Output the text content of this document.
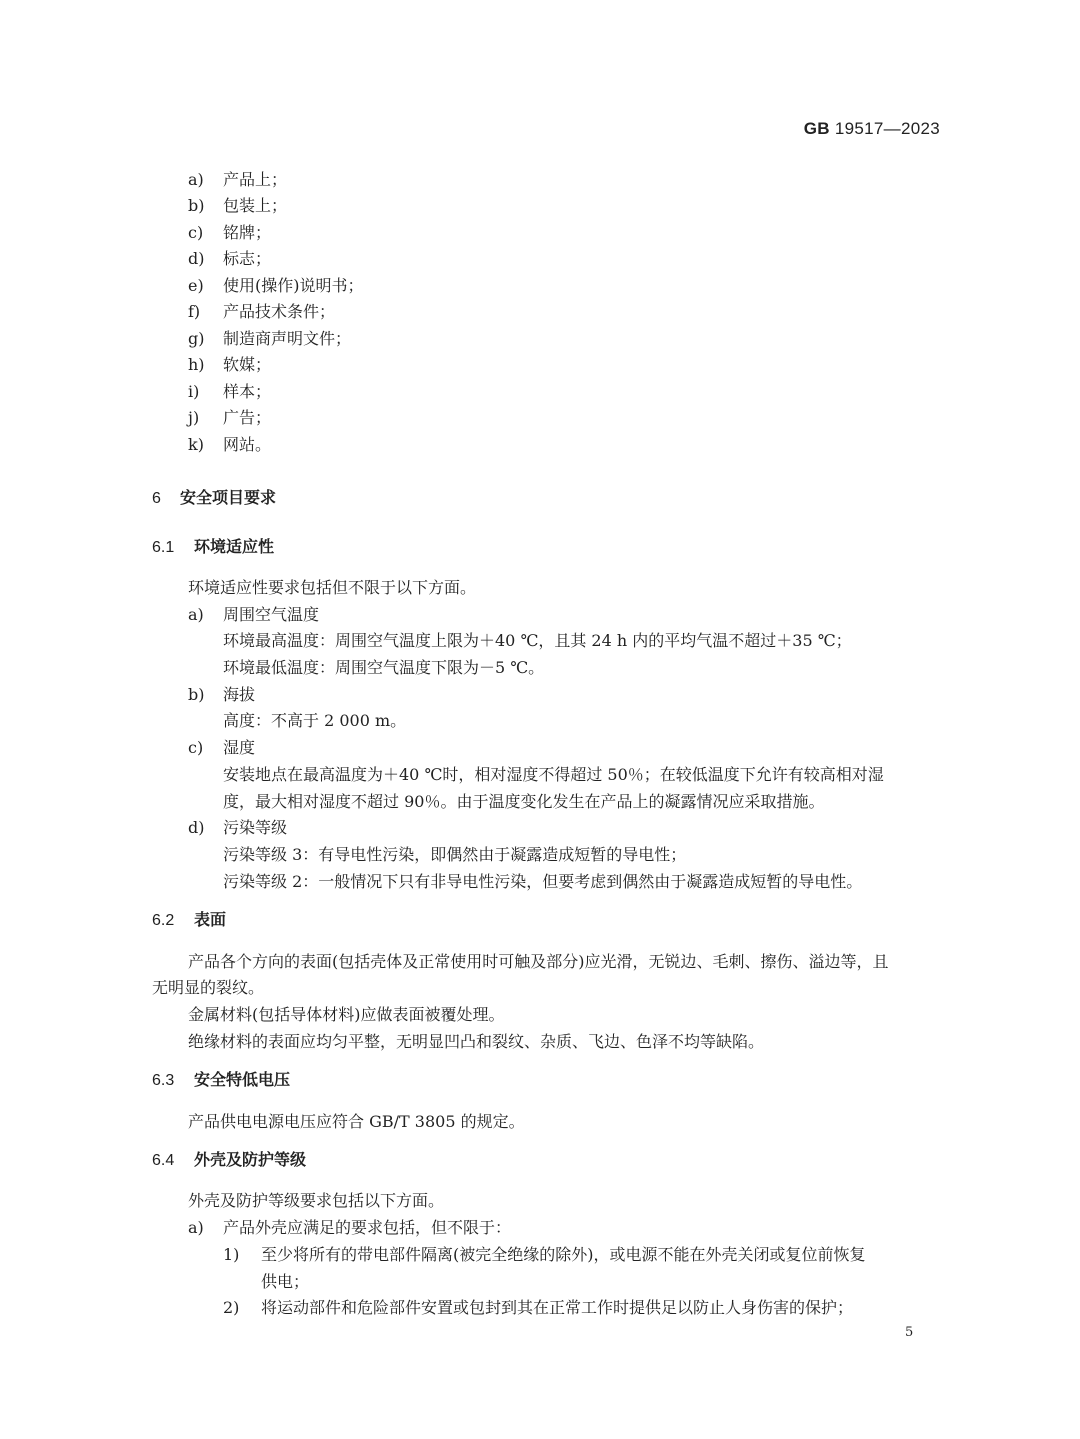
GB 19517—2023
a) 产品上；
b) 包装上；
c) 铭牌；
d) 标志；
e) 使用(操作)说明书；
f) 产品技术条件；
g) 制造商声明文件；
h) 软媒；
i) 样本；
j) 广告；
k) 网站。
6 安全项目要求
6.1 环境适应性
环境适应性要求包括但不限于以下方面。
a) 周围空气温度
环境最高温度：周围空气温度上限为＋40 ℃，且其 24 h 内的平均气温不超过＋35 ℃；
环境最低温度：周围空气温度下限为－5 ℃。
b) 海拔
高度：不高于 2 000 m。
c) 湿度
安装地点在最高温度为＋40 ℃时，相对湿度不得超过 50％；在较低温度下允许有较高相对湿
度，最大相对湿度不超过 90％。由于温度变化发生在产品上的凝露情况应采取措施。
d) 污染等级
污染等级 3：有导电性污染，即偶然由于凝露造成短暂的导电性；
污染等级 2：一般情况下只有非导电性污染，但要考虑到偶然由于凝露造成短暂的导电性。
6.2 表面
产品各个方向的表面(包括壳体及正常使用时可触及部分)应光滑，无锐边、毛刺、擦伤、溢边等，且
无明显的裂纹。
金属材料(包括导体材料)应做表面被覆处理。
绝缘材料的表面应均匀平整，无明显凹凸和裂纹、杂质、飞边、色泽不均等缺陷。
6.3 安全特低电压
产品供电电源电压应符合 GB/T 3805 的规定。
6.4 外壳及防护等级
外壳及防护等级要求包括以下方面。
a) 产品外壳应满足的要求包括，但不限于：
1) 至少将所有的带电部件隔离(被完全绝缘的除外)，或电源不能在外壳关闭或复位前恢复
供电；
2) 将运动部件和危险部件安置或包封到其在正常工作时提供足以防止人身伤害的保护；
5
